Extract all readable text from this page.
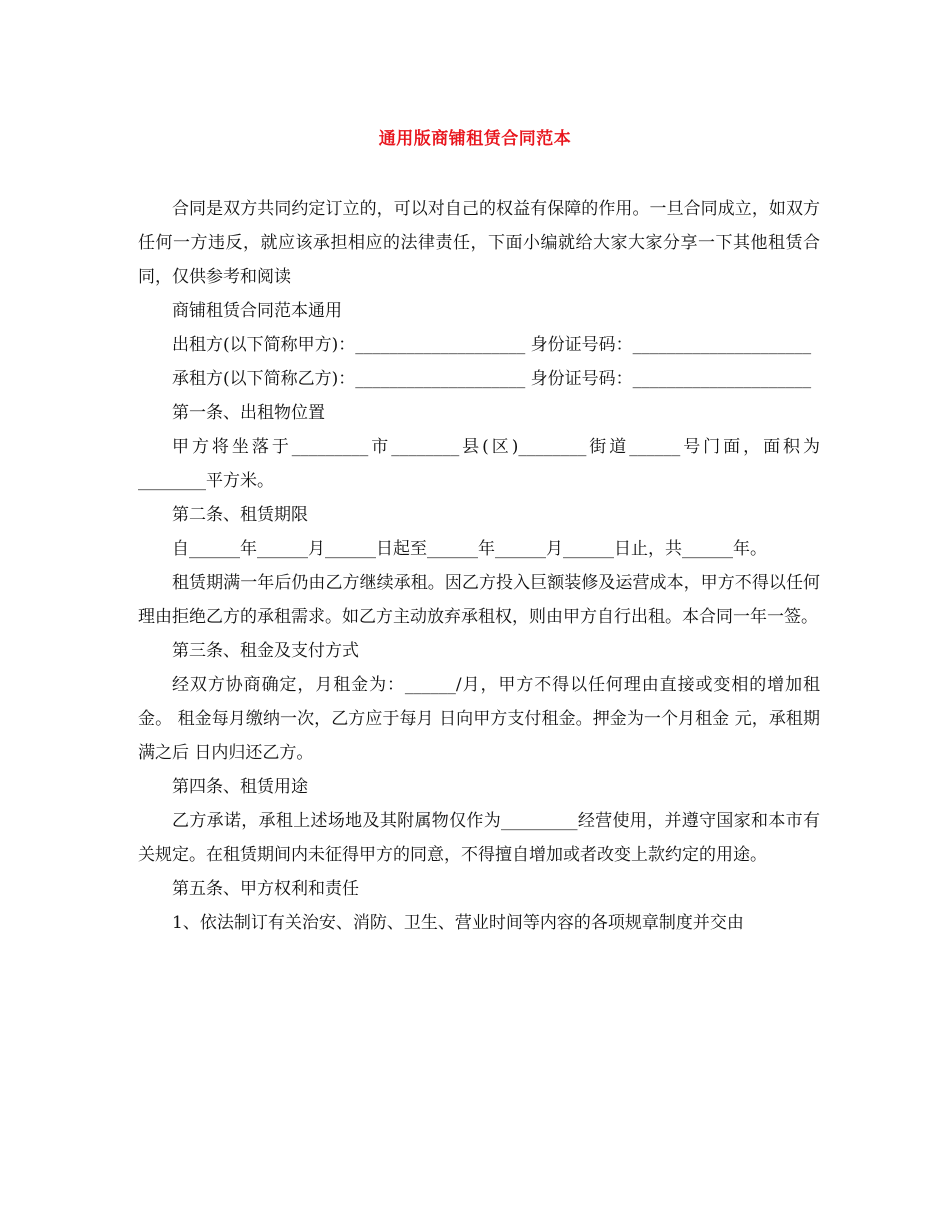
通用版商铺租赁合同范本

合同是双方共同约定订立的，可以对自己的权益有保障的作用。一旦合同成立，如双方任何一方违反，就应该承担相应的法律责任，下面小编就给大家大家分享一下其他租赁合同，仅供参考和阅读

商铺租赁合同范本通用

出租方(以下简称甲方)：____________________ 身份证号码：_____________________

承租方(以下简称乙方)：____________________ 身份证号码：_____________________

第一条、出租物位置

甲方将坐落于_________市________县(区)________街道______号门面，面积为________平方米。

第二条、租赁期限

自______年______月______日起至______年______月______日止，共______年。

租赁期满一年后仍由乙方继续承租。因乙方投入巨额装修及运营成本，甲方不得以任何理由拒绝乙方的承租需求。如乙方主动放弃承租权，则由甲方自行出租。本合同一年一签。

第三条、租金及支付方式

经双方协商确定，月租金为：______/月，甲方不得以任何理由直接或变相的增加租金。 租金每月缴纳一次，乙方应于每月 日向甲方支付租金。押金为一个月租金 元，承租期满之后 日内归还乙方。

第四条、租赁用途

乙方承诺，承租上述场地及其附属物仅作为_________经营使用，并遵守国家和本市有关规定。在租赁期间内未征得甲方的同意，不得擅自增加或者改变上款约定的用途。

第五条、甲方权利和责任

1、依法制订有关治安、消防、卫生、营业时间等内容的各项规章制度并交由
